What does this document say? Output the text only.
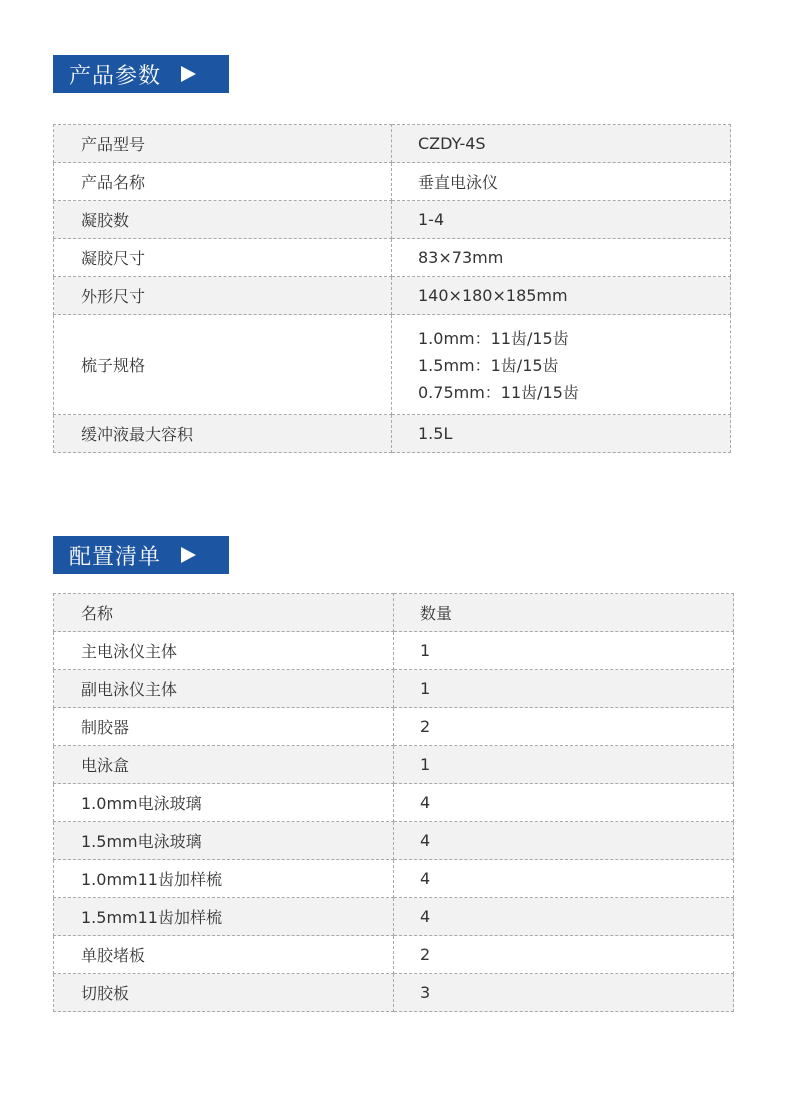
产品参数
产品型号	CZDY-4S
产品名称	垂直电泳仪
凝胶数	1-4
凝胶尺寸	83×73mm
外形尺寸	140×180×185mm
梳子规格	1.0mm：11齿/15齿
1.5mm：1齿/15齿
0.75mm：11齿/15齿

缓冲液最大容积	1.5L
配置清单
名称	数量
主电泳仪主体	1
副电泳仪主体	1
制胶器	2
电泳盒	1
1.0mm电泳玻璃	4
1.5mm电泳玻璃	4
1.0mm11齿加样梳	4
1.5mm11齿加样梳	4
单胶堵板	2
切胶板	3
